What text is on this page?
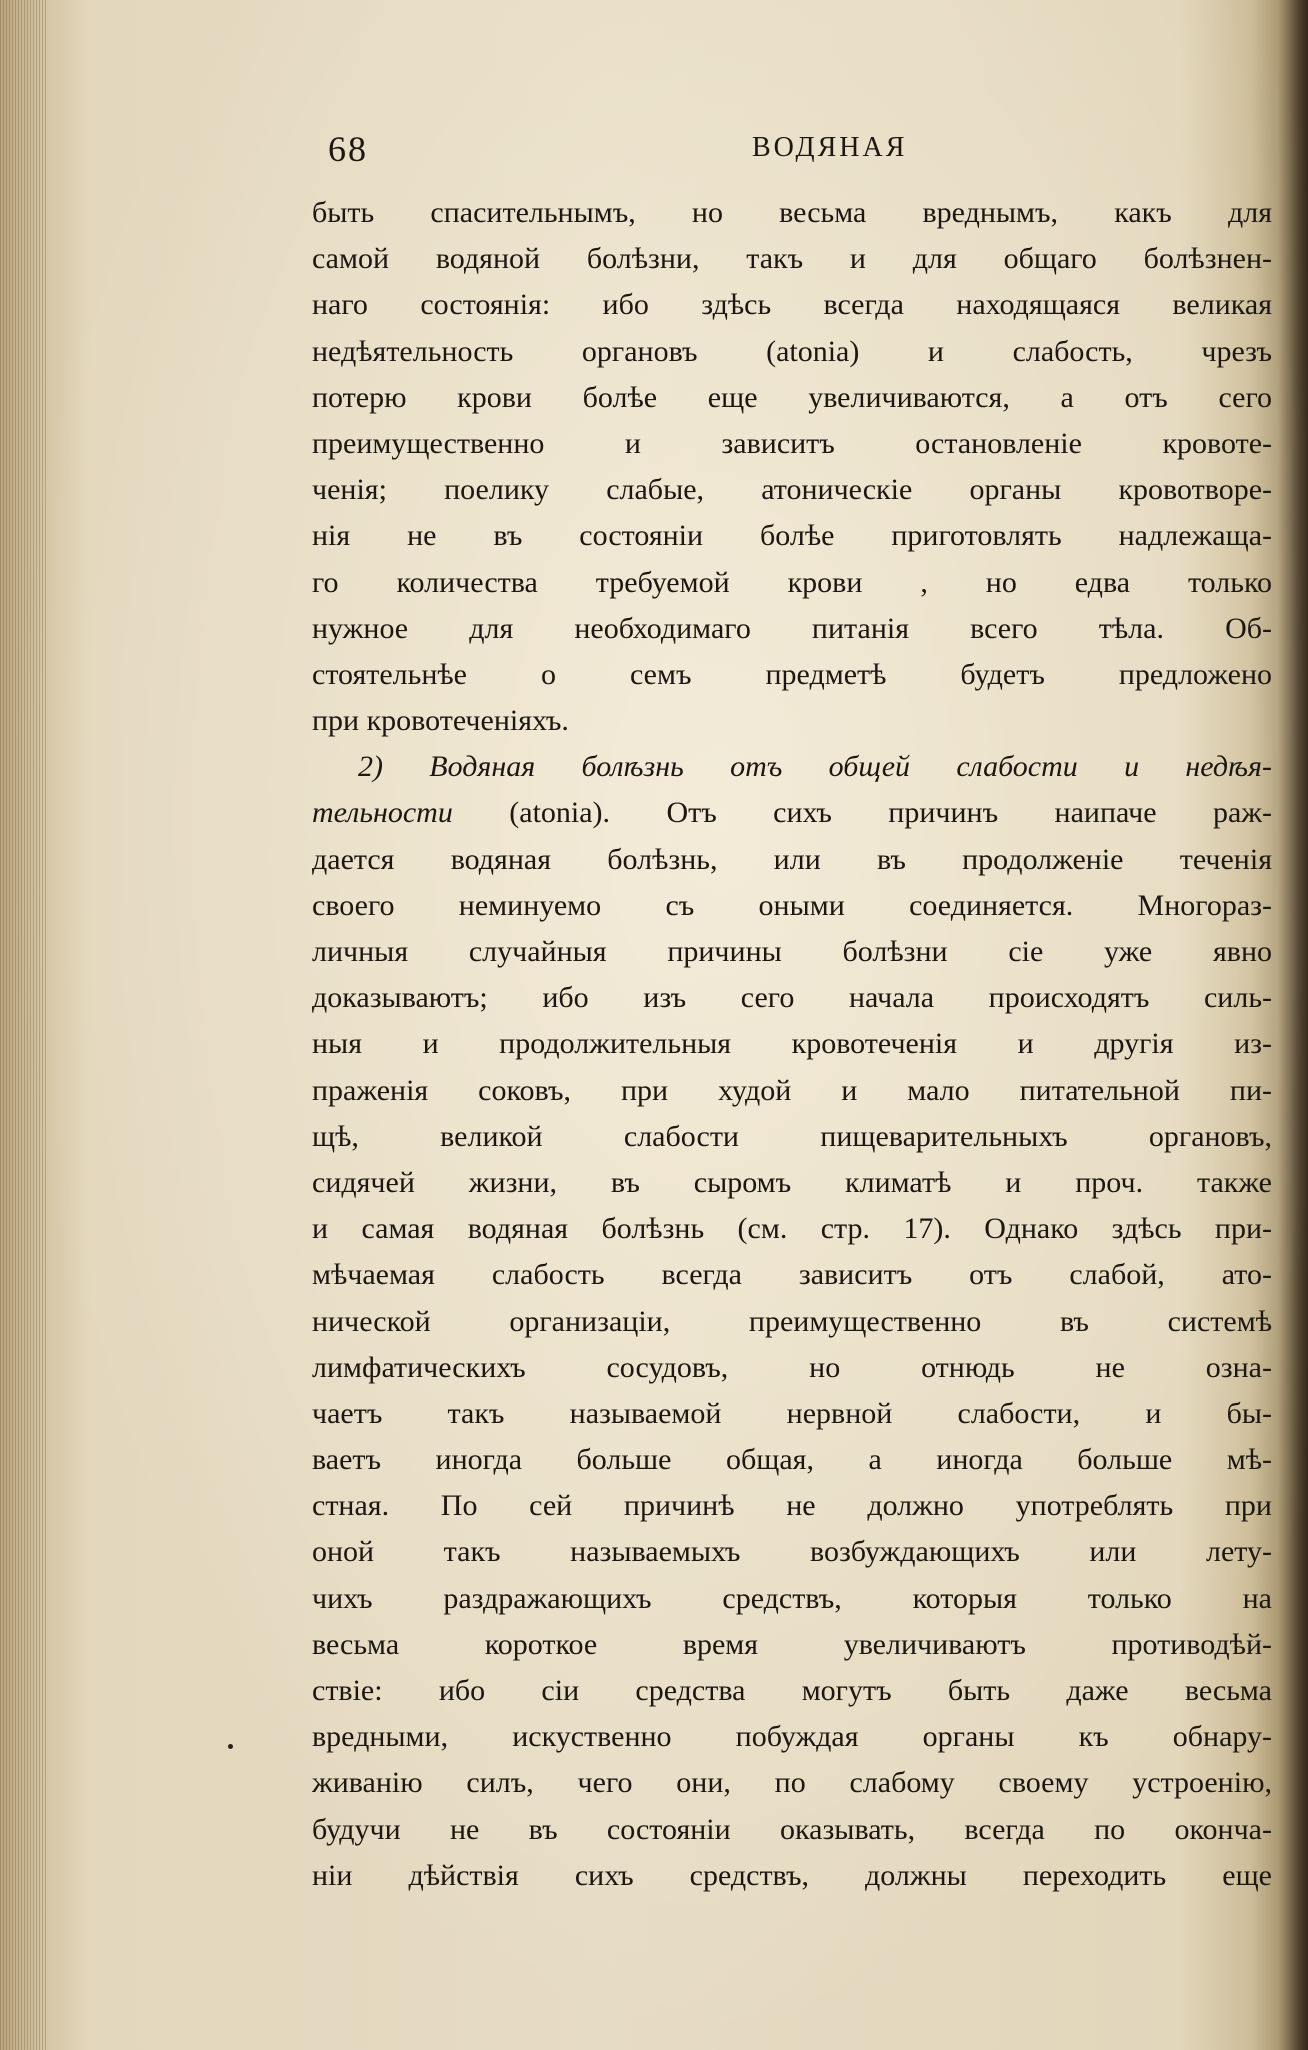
68	ВОДЯНАЯ
быть спасительнымъ, но весьма вреднымъ, какъ для
самой водяной болѣзни, такъ и для общаго болѣзнен-
наго состоянія: ибо здѣсь всегда находящаяся великая
недѣятельность органовъ (atonia) и слабость, чрезъ
потерю крови болѣе еще увеличиваются, а отъ сего
преимущественно и зависитъ остановленіе кровоте-
ченія; поелику слабые, атоническіе органы кровотворе-
нія не въ состояніи болѣе приготовлять надлежаща-
го количества требуемой крови , но едва только
нужное для необходимаго питанія всего тѣла. Об-
стоятельнѣе о семъ предметѣ будетъ предложено
при кровотеченіяхъ.
2) Водяная болѣзнь отъ общей слабости и недѣя-
тельности (atonia). Отъ сихъ причинъ наипаче раж-
дается водяная болѣзнь, или въ продолженіе теченія
своего неминуемо съ оными соединяется. Многораз-
личныя случайныя причины болѣзни сіе уже явно
доказываютъ; ибо изъ сего начала происходятъ силь-
ныя и продолжительныя кровотеченія и другія из-
праженія соковъ, при худой и мало питательной пи-
щѣ, великой слабости пищеварительныхъ органовъ,
сидячей жизни, въ сыромъ климатѣ и проч. также
и самая водяная болѣзнь (см. стр. 17). Однако здѣсь при-
мѣчаемая слабость всегда зависитъ отъ слабой, ато-
нической организаціи, преимущественно въ системѣ
лимфатическихъ сосудовъ, но отнюдь не озна-
чаетъ такъ называемой нервной слабости, и бы-
ваетъ иногда больше общая, а иногда больше мѣ-
стная. По сей причинѣ не должно употреблять при
оной такъ называемыхъ возбуждающихъ или лету-
чихъ раздражающихъ средствъ, которыя только на
весьма короткое время увеличиваютъ противодѣй-
ствіе: ибо сіи средства могутъ быть даже весьма
вредными, искуственно побуждая органы къ обнару-
живанію силъ, чего они, по слабому своему устроенію,
будучи не въ состояніи оказывать, всегда по оконча-
ніи дѣйствія сихъ средствъ, должны переходить еще
